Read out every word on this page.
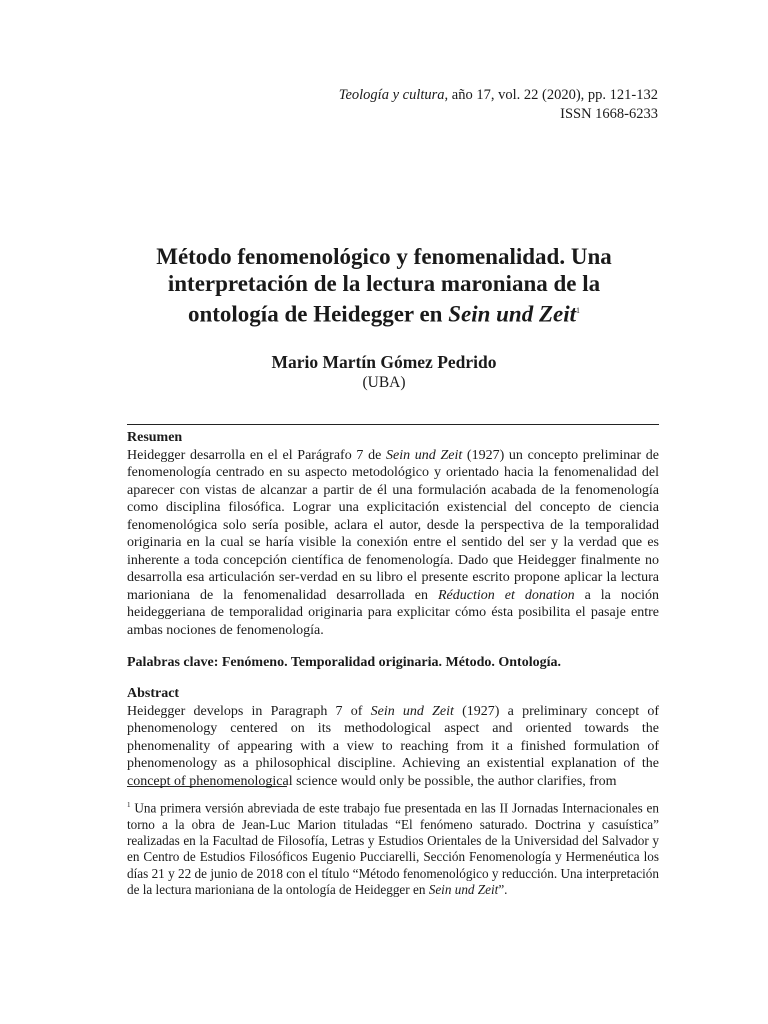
Teología y cultura, año 17, vol. 22 (2020), pp. 121-132
ISSN 1668-6233
Método fenomenológico y fenomenalidad. Una
interpretación de la lectura maroniana de la
ontología de Heidegger en Sein und Zeit$^1$
Mario Martín Gómez Pedrido
(UBA)
Resumen

Heidegger desarrolla en el el Parágrafo 7 de Sein und Zeit (1927) un concepto preliminar de fenomenología centrado en su aspecto metodológico y orientado hacia la fenomenalidad del aparecer con vistas de alcanzar a partir de él una formulación acabada de la fenomenología como disciplina filosófica. Lograr una explicitación existencial del concepto de ciencia fenomenológica solo sería posible, aclara el autor, desde la perspectiva de la temporalidad originaria en la cual se haría visible la conexión entre el sentido del ser y la verdad que es inherente a toda concepción científica de fenomenología. Dado que Heidegger finalmente no desarrolla esa articulación ser-verdad en su libro el presente escrito propone aplicar la lectura marioniana de la fenomenalidad desarrollada en Réduction et donation a la noción heideggeriana de temporalidad originaria para explicitar cómo ésta posibilita el pasaje entre ambas nociones de fenomenología.

Palabras clave: Fenómeno. Temporalidad originaria. Método. Ontología.
Abstract

Heidegger develops in Paragraph 7 of Sein und Zeit (1927) a preliminary concept of phenomenology centered on its methodological aspect and oriented towards the phenomenality of appearing with a view to reaching from it a finished formulation of phenomenology as a philosophical discipline. Achieving an existential explanation of the concept of phenomenological science would only be possible, the author clarifies, from

$^1$ Una primera versión abreviada de este trabajo fue presentada en las II Jornadas Internacionales en torno a la obra de Jean-Luc Marion tituladas “El fenómeno saturado. Doctrina y casuística” realizadas en la Facultad de Filosofía, Letras y Estudios Orientales de la Universidad del Salvador y en Centro de Estudios Filosóficos Eugenio Pucciarelli, Sección Fenomenología y Hermenéutica los días 21 y 22 de junio de 2018 con el título “Método fenomenológico y reducción. Una interpretación de la lectura marioniana de la ontología de Heidegger en Sein und Zeit”.
